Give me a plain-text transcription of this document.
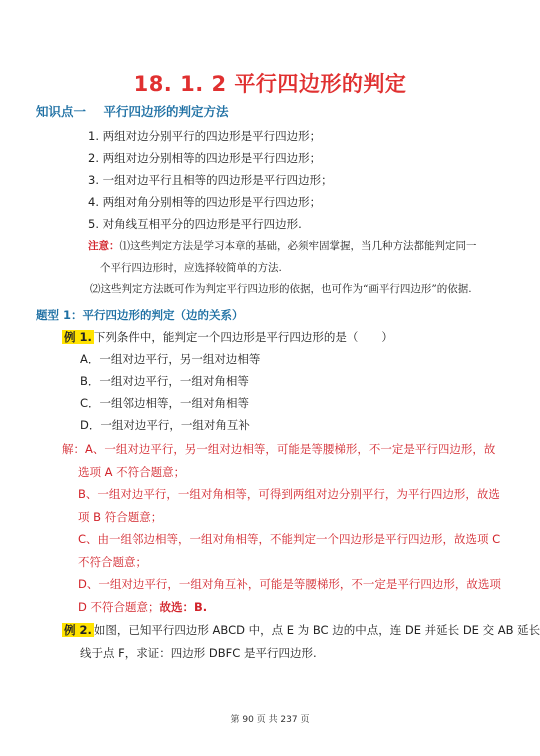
18. 1. 2 平行四边形的判定
知识点一 平行四边形的判定方法
1. 两组对边分别平行的四边形是平行四边形；
2. 两组对边分别相等的四边形是平行四边形；
3. 一组对边平行且相等的四边形是平行四边形；
4. 两组对角分别相等的四边形是平行四边形；
5. 对角线互相平分的四边形是平行四边形.
注意：⑴这些判定方法是学习本章的基础，必须牢固掌握，当几种方法都能判定同一
个平行四边形时，应选择较简单的方法.
⑵这些判定方法既可作为判定平行四边形的依据，也可作为“画平行四边形”的依据.
题型 1：平行四边形的判定（边的关系）
例 1. 下列条件中，能判定一个四边形是平行四边形的是（　　）
A．一组对边平行，另一组对边相等
B．一组对边平行，一组对角相等
C．一组邻边相等，一组对角相等
D．一组对边平行，一组对角互补
解：A、一组对边平行，另一组对边相等，可能是等腰梯形，不一定是平行四边形，故
选项 A 不符合题意；
B、一组对边平行，一组对角相等，可得到两组对边分别平行，为平行四边形，故选
项 B 符合题意；
C、由一组邻边相等，一组对角相等，不能判定一个四边形是平行四边形，故选项 C
不符合题意；
D、一组对边平行，一组对角互补，可能是等腰梯形，不一定是平行四边形，故选项
D 不符合题意；故选：B.
例 2. 如图，已知平行四边形 ABCD 中，点 E 为 BC 边的中点，连 DE 并延长 DE 交 AB 延长
线于点 F，求证：四边形 DBFC 是平行四边形.
第 90 页 共 237 页
